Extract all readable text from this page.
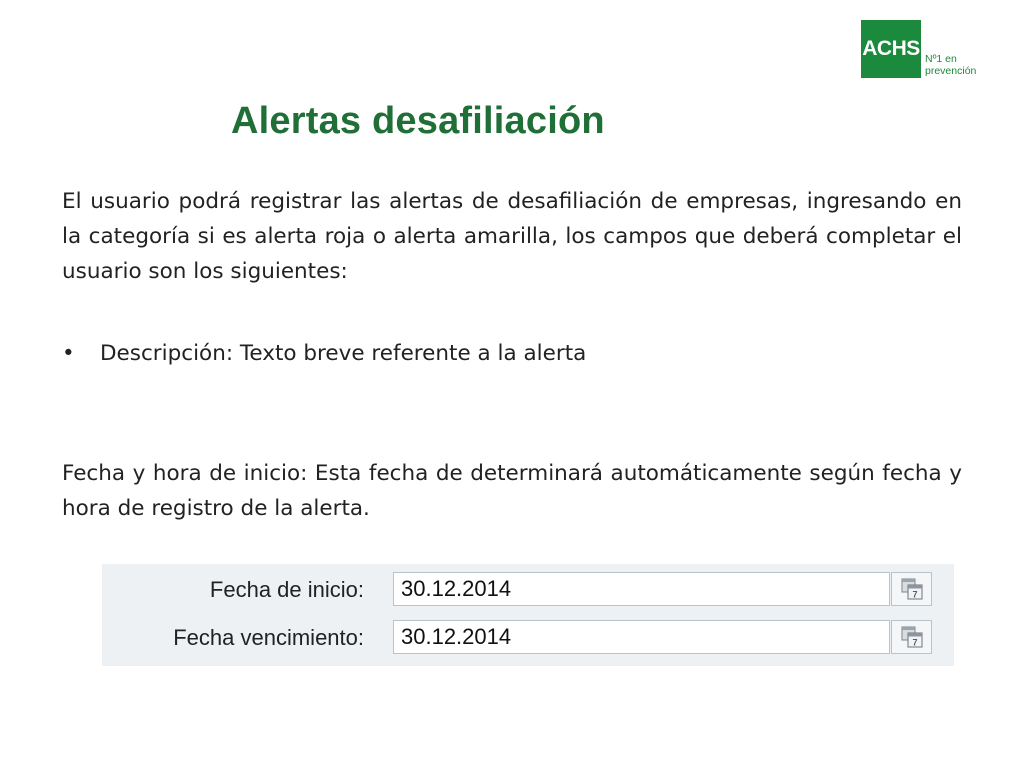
ACHS Nº1 en
prevención
Alertas desafiliación

El usuario podrá registrar las alertas de desafiliación de empresas, ingresando en la categoría si es alerta roja o alerta amarilla, los campos que deberá completar el usuario son los siguientes:

•	Descripción: Texto breve referente a la alerta

Fecha y hora de inicio: Esta fecha de determinará automáticamente según fecha y hora de registro de la alerta.

Fecha de inicio:
30.12.2014	7
Fecha vencimiento:
30.12.2014	7
